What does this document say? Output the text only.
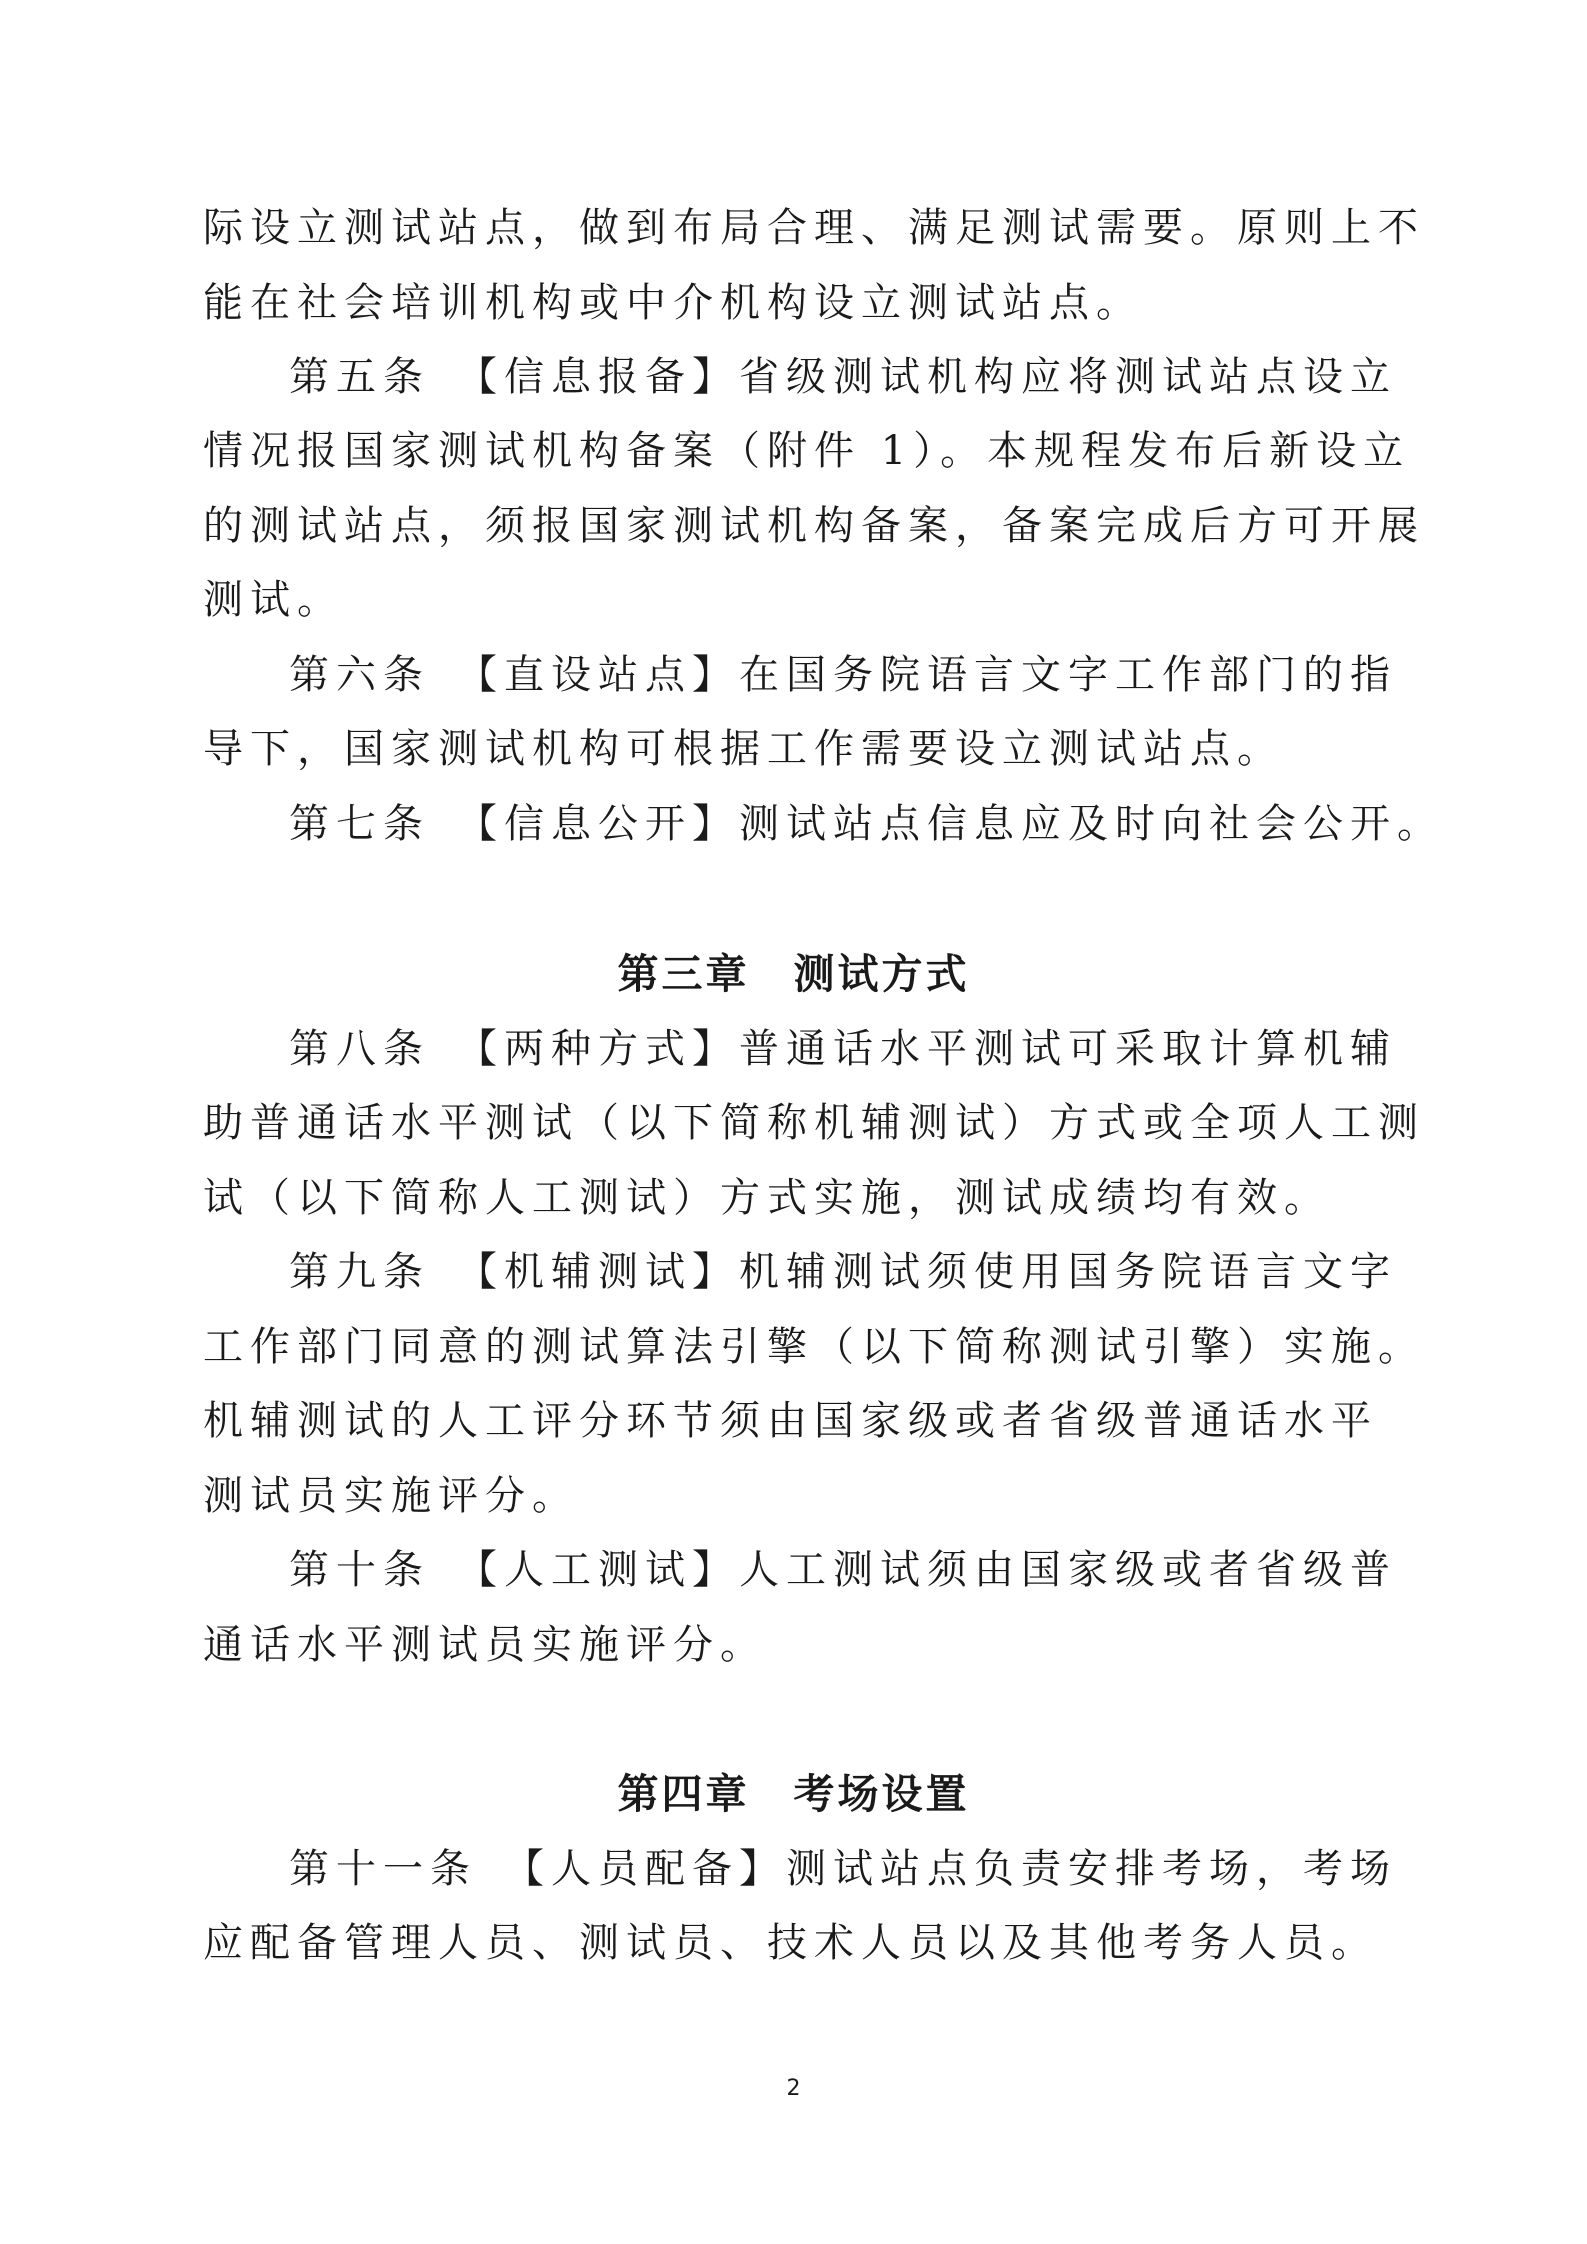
际设立测试站点，做到布局合理、满足测试需要。原则上不
能在社会培训机构或中介机构设立测试站点。
第五条　【信息报备】省级测试机构应将测试站点设立
情况报国家测试机构备案（附件 1）。本规程发布后新设立
的测试站点，须报国家测试机构备案，备案完成后方可开展
测试。
第六条　【直设站点】在国务院语言文字工作部门的指
导下，国家测试机构可根据工作需要设立测试站点。
第七条　【信息公开】测试站点信息应及时向社会公开。
第三章　测试方式
第八条　【两种方式】普通话水平测试可采取计算机辅
助普通话水平测试（以下简称机辅测试）方式或全项人工测
试（以下简称人工测试）方式实施，测试成绩均有效。
第九条　【机辅测试】机辅测试须使用国务院语言文字
工作部门同意的测试算法引擎（以下简称测试引擎）实施。
机辅测试的人工评分环节须由国家级或者省级普通话水平
测试员实施评分。
第十条　【人工测试】人工测试须由国家级或者省级普
通话水平测试员实施评分。
第四章　考场设置
第十一条　【人员配备】测试站点负责安排考场，考场
应配备管理人员、测试员、技术人员以及其他考务人员。
2
